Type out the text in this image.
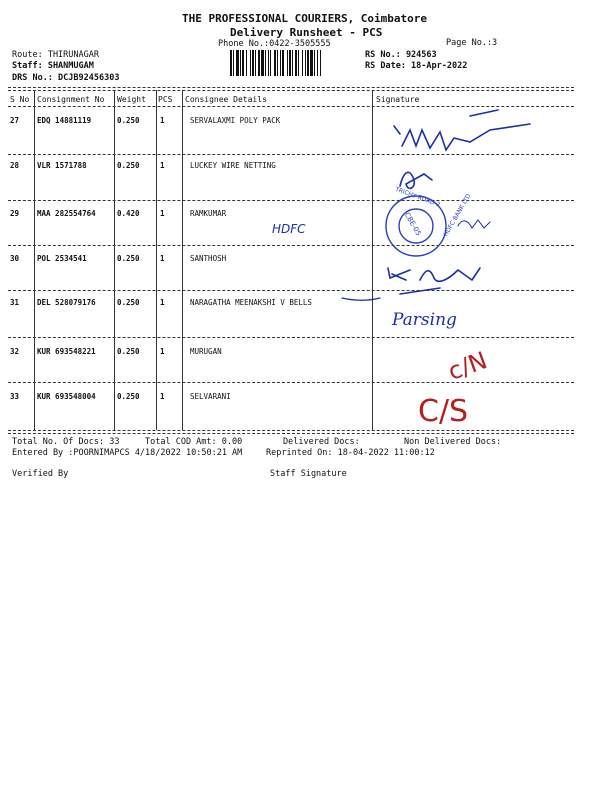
THE PROFESSIONAL COURIERS, Coimbatore
Delivery Runsheet - PCS
Phone No.:0422-3505555	Page No.:3
Route: THIRUNAGAR
Staff: SHANMUGAM
DRS No.: DCJB92456303
RS No.: 924563
RS Date: 18-Apr-2022
S No Consignment No Weight PCS Consignee Details	Signature
27 EDQ 14881119	0.250	1	SERVALAXMI POLY PACK
28 VLR 1571788	0.250	1	LUCKEY WIRE NETTING
29 MAA 282554764	0.420	1	RAMKUMAR
30 POL 2534541	0.250	1	SANTHOSH
31 DEL 528079176	0.250	1	NARAGATHA MEENAKSHI V BELLS
32 KUR 693548221	0.250	1	MURUGAN
33 KUR 693548004	0.250	1	SELVARANI
CBE-05
TRICHY ROAD-2 HDFC BANK LTD
HDFC
Parsing
c/N
C/S
Total No. Of Docs: 33	Total COD Amt: 0.00	Delivered Docs:	Non Delivered Docs:
Entered By :POORNIMAPCS 4/18/2022 10:50:21 AM	Reprinted On: 18-04-2022 11:00:12
Verified By	Staff Signature
